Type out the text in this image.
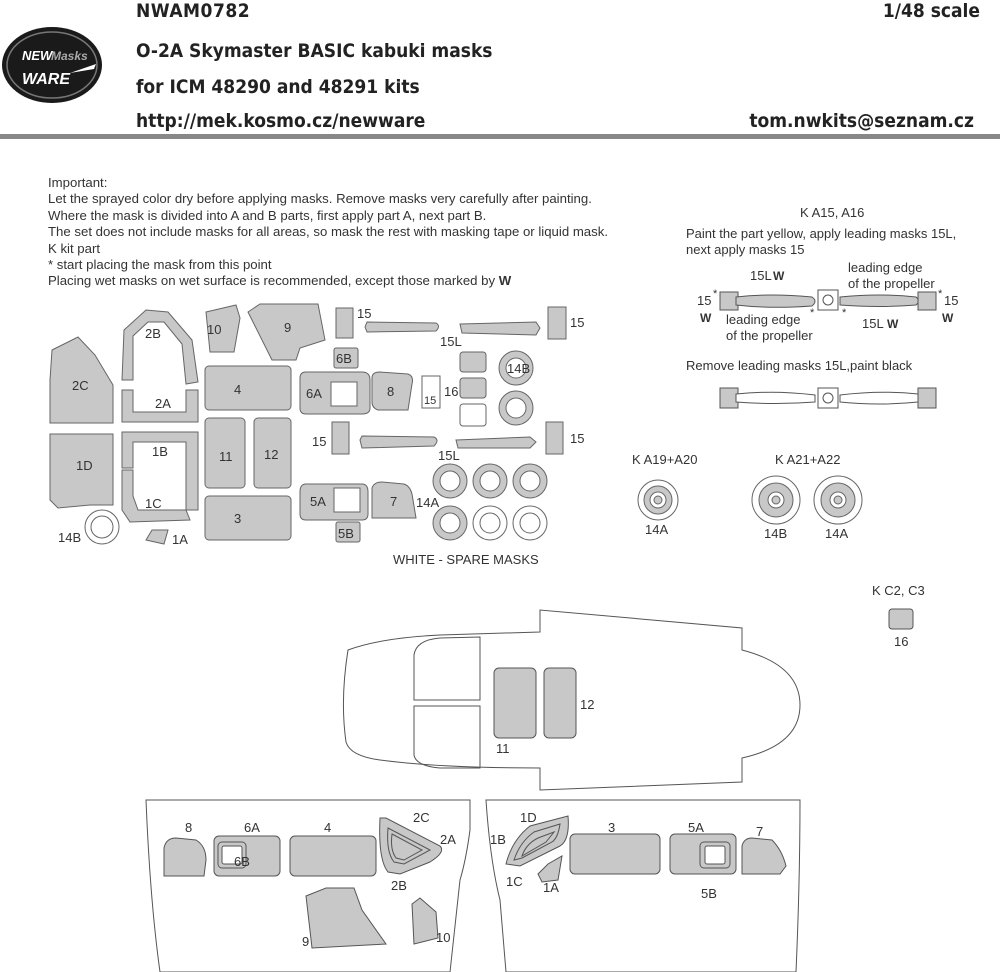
NWAM0782	1/48 scale
O-2A Skymaster BASIC kabuki masks
for ICM 48290 and 48291 kits
http://mek.kosmo.cz/newware	tom.nwkits@seznam.cz
Important:
Let the sprayed color dry before applying masks. Remove masks very carefully after painting.
Where the mask is divided into A and B parts, first apply part A, next part B.
The set does not include masks for all areas, so mask the rest with masking tape or liquid mask.
K kit part
* start placing the mask from this point
Placing wet masks on wet surface is recommended, except those marked by W
NEW
Masks
WARE
2B
2C
2A
10	9
15
15L
15
6B
14B
4	6A	8	16
15
15	15
15L
1B
1D
11 12
1C
3
5A	7 14A
5B
14B	1A
WHITE - SPARE MASKS
K A15, A16
Paint the part yellow, apply leading masks 15L,
next apply masks 15
15L W
leading edge
of the propeller
15
W
15
W
*	*
*	*
leading edge
of the propeller
15L W
Remove leading masks 15L,paint black
K A19+A20
14A
K A21+A22
14B	14A
K C2, C3
16
11
12
8	6A	4
2C
2A
6B
2B
9	10
1D
3	5A	7
1B
1C 1A	5B
